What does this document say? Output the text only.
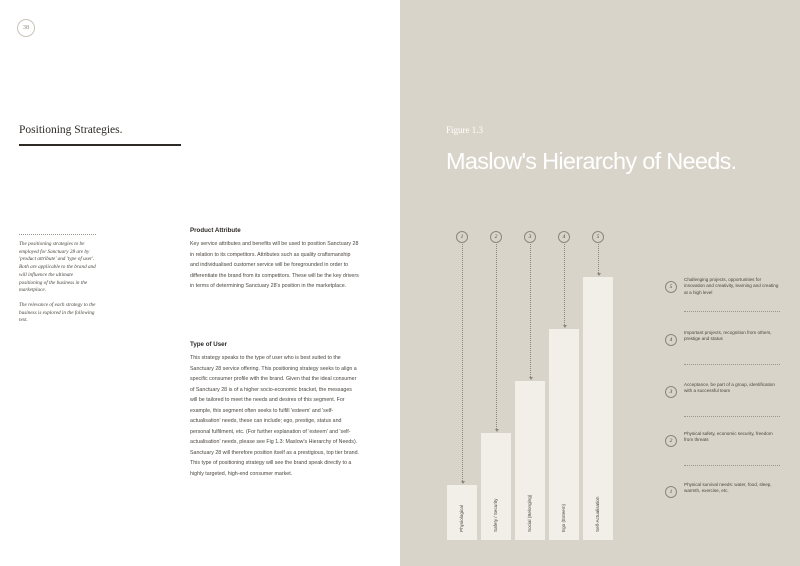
38
Positioning Strategies.

The positioning strategies to be employed for Sanctuary 28 are by 'product attribute' and 'type of user'. Both are applicable to the brand and will influence the ultimate positioning of the business in the marketplace.

The relevance of each strategy to the business is explored in the following text.

Product Attribute

Key service attributes and benefits will be used to position Sanctuary 28 in relation to its competitors. Attributes such as quality craftsmanship and individualised customer service will be foregrounded in order to differentiate the brand from its competitors. These will be the key drivers in terms of determining Sanctuary 28's position in the marketplace.

Type of User

This strategy speaks to the type of user who is best suited to the Sanctuary 28 service offering. This positioning strategy seeks to align a specific consumer profile with the brand. Given that the ideal consumer of Sanctuary 28 is of a higher socio-economic bracket, the messages will be tailored to meet the needs and desires of this segment. For example, this segment often seeks to fulfill 'esteem' and 'self-actualisation' needs, these can include; ego, prestige, status and personal fulfilment, etc. (For further explanation of 'esteem' and 'self-actualisation' needs, please see Fig 1.3: Maslow's Hierarchy of Needs). Sanctuary 28 will therefore position itself as a prestigious, top tier brand. This type of positioning strategy will see the brand speak directly to a highly targeted, high-end consumer market.

Figure 1.3
Maslow's Hierarchy of Needs.
1
Physiological
2
Safety / Security
3
Social (Belonging)
4
Ego (Esteem)
5
Self-Actualisation
5
Challenging projects, opportunities for innovation and creativity, learning and creating at a high level
4
Important projects, recognition from others, prestige and status
3
Acceptance, be part of a group, identification with a successful team
2
Physical safety, economic security, freedom from threats
1
Physical survival needs: water, food, sleep, warmth, exercise, etc.
